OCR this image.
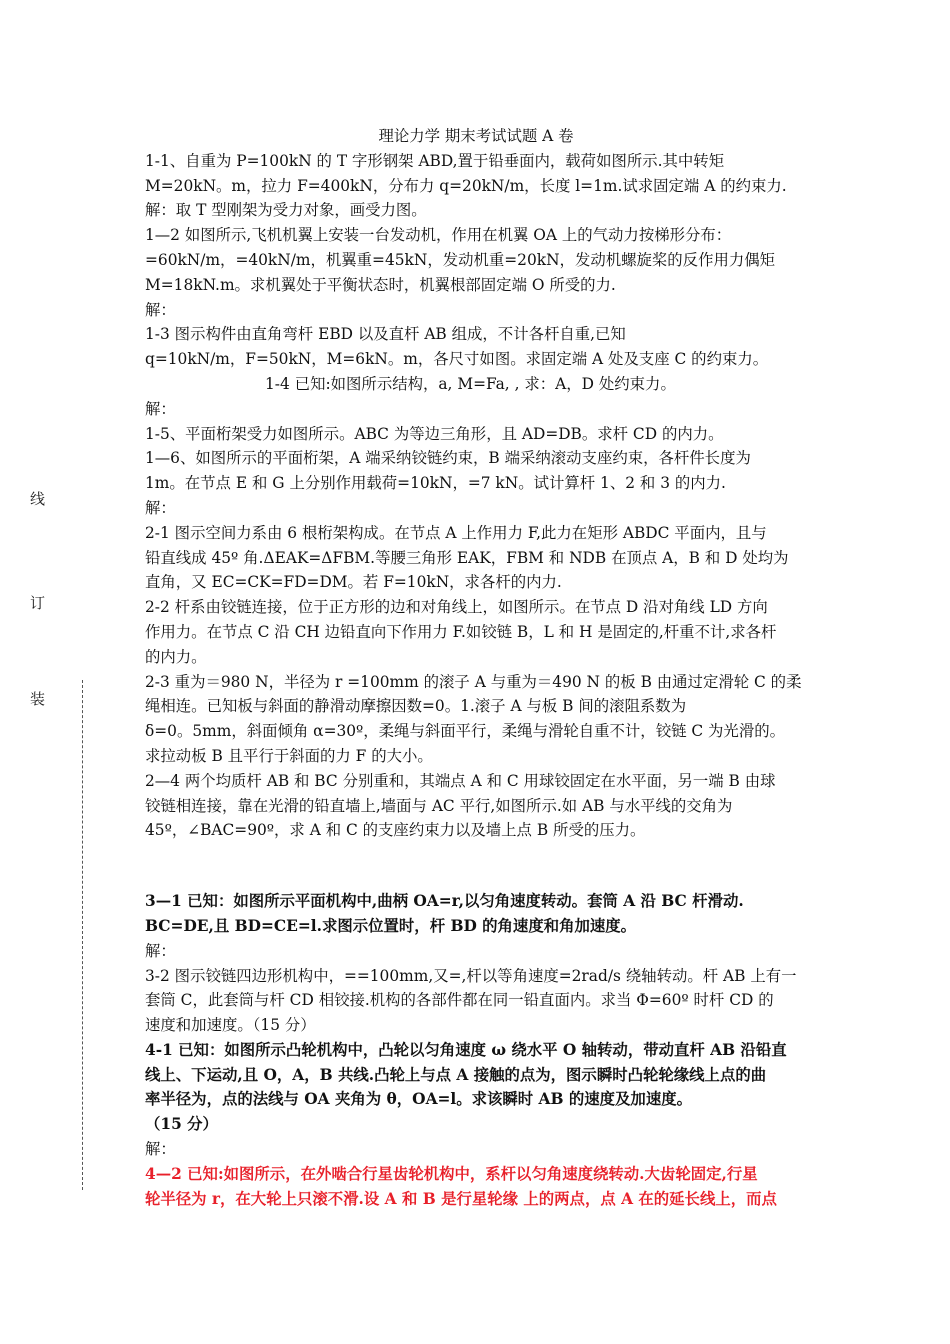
线
订
装
理论力学 期末考试试题 A 卷
1-1、自重为 P=100kN 的 T 字形钢架 ABD,置于铅垂面内，载荷如图所示.其中转矩
M=20kN。m，拉力 F=400kN，分布力 q=20kN/m，长度 l=1m.试求固定端 A 的约束力.
解：取 T 型刚架为受力对象，画受力图。
1—2 如图所示,飞机机翼上安装一台发动机，作用在机翼 OA 上的气动力按梯形分布：
=60kN/m，=40kN/m，机翼重=45kN，发动机重=20kN，发动机螺旋桨的反作用力偶矩
M=18kN.m。求机翼处于平衡状态时，机翼根部固定端 O 所受的力.
解：
1-3 图示构件由直角弯杆 EBD 以及直杆 AB 组成，不计各杆自重,已知
q=10kN/m，F=50kN，M=6kN。m，各尺寸如图。求固定端 A 处及支座 C 的约束力。
1-4 已知:如图所示结构，a, M=Fa, , 求：A，D 处约束力。
解：
1-5、平面桁架受力如图所示。ABC 为等边三角形，且 AD=DB。求杆 CD 的内力。
1—6、如图所示的平面桁架，A 端采纳铰链约束，B 端采纳滚动支座约束，各杆件长度为
1m。在节点 E 和 G 上分别作用载荷=10kN，=7 kN。试计算杆 1、2 和 3 的内力.
解：
2-1 图示空间力系由 6 根桁架构成。在节点 A 上作用力 F,此力在矩形 ABDC 平面内，且与
铅直线成 45º 角.ΔEAK=ΔFBM.等腰三角形 EAK，FBM 和 NDB 在顶点 A，B 和 D 处均为
直角，又 EC=CK=FD=DM。若 F=10kN，求各杆的内力.
2-2 杆系由铰链连接，位于正方形的边和对角线上，如图所示。在节点 D 沿对角线 LD 方向
作用力。在节点 C 沿 CH 边铅直向下作用力 F.如铰链 B，L 和 H 是固定的,杆重不计,求各杆
的内力。
2-3 重为＝980 N，半径为 r =100mm 的滚子 A 与重为＝490 N 的板 B 由通过定滑轮 C 的柔
绳相连。已知板与斜面的静滑动摩擦因数=0。1.滚子 A 与板 B 间的滚阻系数为
δ=0。5mm，斜面倾角 α=30º，柔绳与斜面平行，柔绳与滑轮自重不计，铰链 C 为光滑的。
求拉动板 B 且平行于斜面的力 F 的大小。
2—4 两个均质杆 AB 和 BC 分别重和，其端点 A 和 C 用球铰固定在水平面，另一端 B 由球
铰链相连接，靠在光滑的铅直墙上,墙面与 AC 平行,如图所示.如 AB 与水平线的交角为
45º，∠BAC=90º，求 A 和 C 的支座约束力以及墙上点 B 所受的压力。
3—1 已知：如图所示平面机构中,曲柄 OA=r,以匀角速度转动。套筒 A 沿 BC 杆滑动.
BC=DE,且 BD=CE=l.求图示位置时，杆 BD 的角速度和角加速度。
解：
3-2 图示铰链四边形机构中，==100mm,又=,杆以等角速度=2rad/s 绕轴转动。杆 AB 上有一
套筒 C，此套筒与杆 CD 相铰接.机构的各部件都在同一铅直面内。求当 Φ=60º 时杆 CD 的
速度和加速度。（15 分）
4-1 已知：如图所示凸轮机构中，凸轮以匀角速度 ω 绕水平 O 轴转动，带动直杆 AB 沿铅直
线上、下运动,且 O，A，B 共线.凸轮上与点 A 接触的点为，图示瞬时凸轮轮缘线上点的曲
率半径为，点的法线与 OA 夹角为 θ，OA=l。求该瞬时 AB 的速度及加速度。
（15 分）
解：
4—2 已知:如图所示，在外啮合行星齿轮机构中，系杆以匀角速度绕转动.大齿轮固定,行星
轮半径为 r，在大轮上只滚不滑.设 A 和 B 是行星轮缘 上的两点，点 A 在的延长线上，而点
